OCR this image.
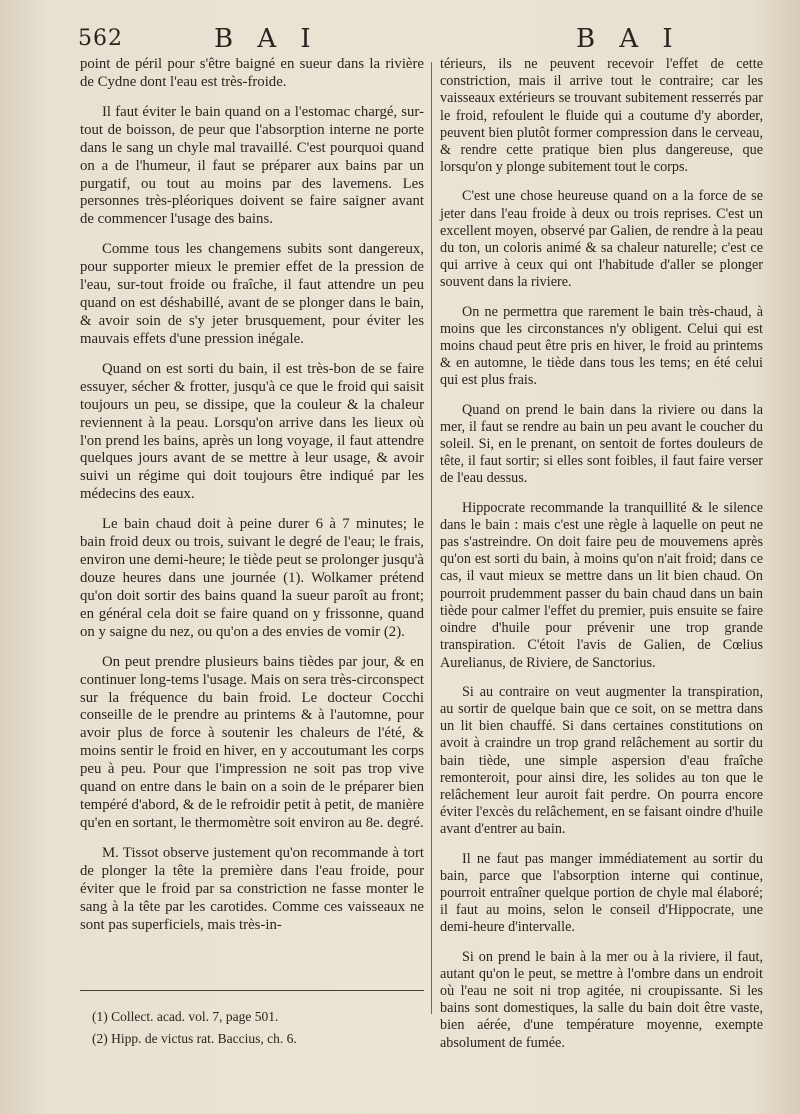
562	B A I	B A I

point de péril pour s'être baigné en sueur dans la rivière de Cydne dont l'eau est très-froide.

Il faut éviter le bain quand on a l'estomac chargé, sur-tout de boisson, de peur que l'absorption interne ne porte dans le sang un chyle mal travaillé. C'est pourquoi quand on a de l'humeur, il faut se préparer aux bains par un purgatif, ou tout au moins par des lavemens. Les personnes très-pléoriques doivent se faire saigner avant de commencer l'usage des bains.

Comme tous les changemens subits sont dangereux, pour supporter mieux le premier effet de la pression de l'eau, sur-tout froide ou fraîche, il faut attendre un peu quand on est déshabillé, avant de se plonger dans le bain, & avoir soin de s'y jeter brusquement, pour éviter les mauvais effets d'une pression inégale.

Quand on est sorti du bain, il est très-bon de se faire essuyer, sécher & frotter, jusqu'à ce que le froid qui saisit toujours un peu, se dissipe, que la couleur & la chaleur reviennent à la peau. Lorsqu'on arrive dans les lieux où l'on prend les bains, après un long voyage, il faut attendre quelques jours avant de se mettre à leur usage, & avoir suivi un régime qui doit toujours être indiqué par les médecins des eaux.

Le bain chaud doit à peine durer 6 à 7 minutes; le bain froid deux ou trois, suivant le degré de l'eau; le frais, environ une demi-heure; le tiède peut se prolonger jusqu'à douze heures dans une journée (1). Wolkamer prétend qu'on doit sortir des bains quand la sueur paroît au front; en général cela doit se faire quand on y frissonne, quand on y saigne du nez, ou qu'on a des envies de vomir (2).

On peut prendre plusieurs bains tièdes par jour, & en continuer long-tems l'usage. Mais on sera très-circonspect sur la fréquence du bain froid. Le docteur Cocchi conseille de le prendre au printems & à l'automne, pour avoir plus de force à soutenir les chaleurs de l'été, & moins sentir le froid en hiver, en y accoutumant les corps peu à peu. Pour que l'impression ne soit pas trop vive quand on entre dans le bain on a soin de le préparer bien tempéré d'abord, & de le refroidir petit à petit, de manière qu'en en sortant, le thermomètre soit environ au 8e. degré.

M. Tissot observe justement qu'on recommande à tort de plonger la tête la première dans l'eau froide, pour éviter que le froid par sa constriction ne fasse monter le sang à la tête par les carotides. Comme ces vaisseaux ne sont pas superficiels, mais très-in-

térieurs, ils ne peuvent recevoir l'effet de cette constriction, mais il arrive tout le contraire; car les vaisseaux extérieurs se trouvant subitement resserrés par le froid, refoulent le fluide qui a coutume d'y aborder, peuvent bien plutôt former compression dans le cerveau, & rendre cette pratique bien plus dangereuse, que lorsqu'on y plonge subitement tout le corps.

C'est une chose heureuse quand on a la force de se jeter dans l'eau froide à deux ou trois reprises. C'est un excellent moyen, observé par Galien, de rendre à la peau du ton, un coloris animé & sa chaleur naturelle; c'est ce qui arrive à ceux qui ont l'habitude d'aller se plonger souvent dans la riviere.

On ne permettra que rarement le bain très-chaud, à moins que les circonstances n'y obligent. Celui qui est moins chaud peut être pris en hiver, le froid au printems & en automne, le tiède dans tous les tems; en été celui qui est plus frais.

Quand on prend le bain dans la riviere ou dans la mer, il faut se rendre au bain un peu avant le coucher du soleil. Si, en le prenant, on sentoit de fortes douleurs de tête, il faut sortir; si elles sont foibles, il faut faire verser de l'eau dessus.

Hippocrate recommande la tranquillité & le silence dans le bain : mais c'est une règle à laquelle on peut ne pas s'astreindre. On doit faire peu de mouvemens après qu'on est sorti du bain, à moins qu'on n'ait froid; dans ce cas, il vaut mieux se mettre dans un lit bien chaud. On pourroit prudemment passer du bain chaud dans un bain tiède pour calmer l'effet du premier, puis ensuite se faire oindre d'huile pour prévenir une trop grande transpiration. C'étoit l'avis de Galien, de Cœlius Aurelianus, de Riviere, de Sanctorius.

Si au contraire on veut augmenter la transpiration, au sortir de quelque bain que ce soit, on se mettra dans un lit bien chauffé. Si dans certaines constitutions on avoit à craindre un trop grand relâchement au sortir du bain tiède, une simple aspersion d'eau fraîche remonteroit, pour ainsi dire, les solides au ton que le relâchement leur auroit fait perdre. On pourra encore éviter l'excès du relâchement, en se faisant oindre d'huile avant d'entrer au bain.

Il ne faut pas manger immédiatement au sortir du bain, parce que l'absorption interne qui continue, pourroit entraîner quelque portion de chyle mal élaboré; il faut au moins, selon le conseil d'Hippocrate, une demi-heure d'intervalle.

Si on prend le bain à la mer ou à la riviere, il faut, autant qu'on le peut, se mettre à l'ombre dans un endroit où l'eau ne soit ni trop agitée, ni croupissante. Si les bains sont domestiques, la salle du bain doit être vaste, bien aérée, d'une température moyenne, exempte absolument de fumée.

(1) Collect. acad. vol. 7, page 501.
(2) Hipp. de victus rat. Baccius, ch. 6.
